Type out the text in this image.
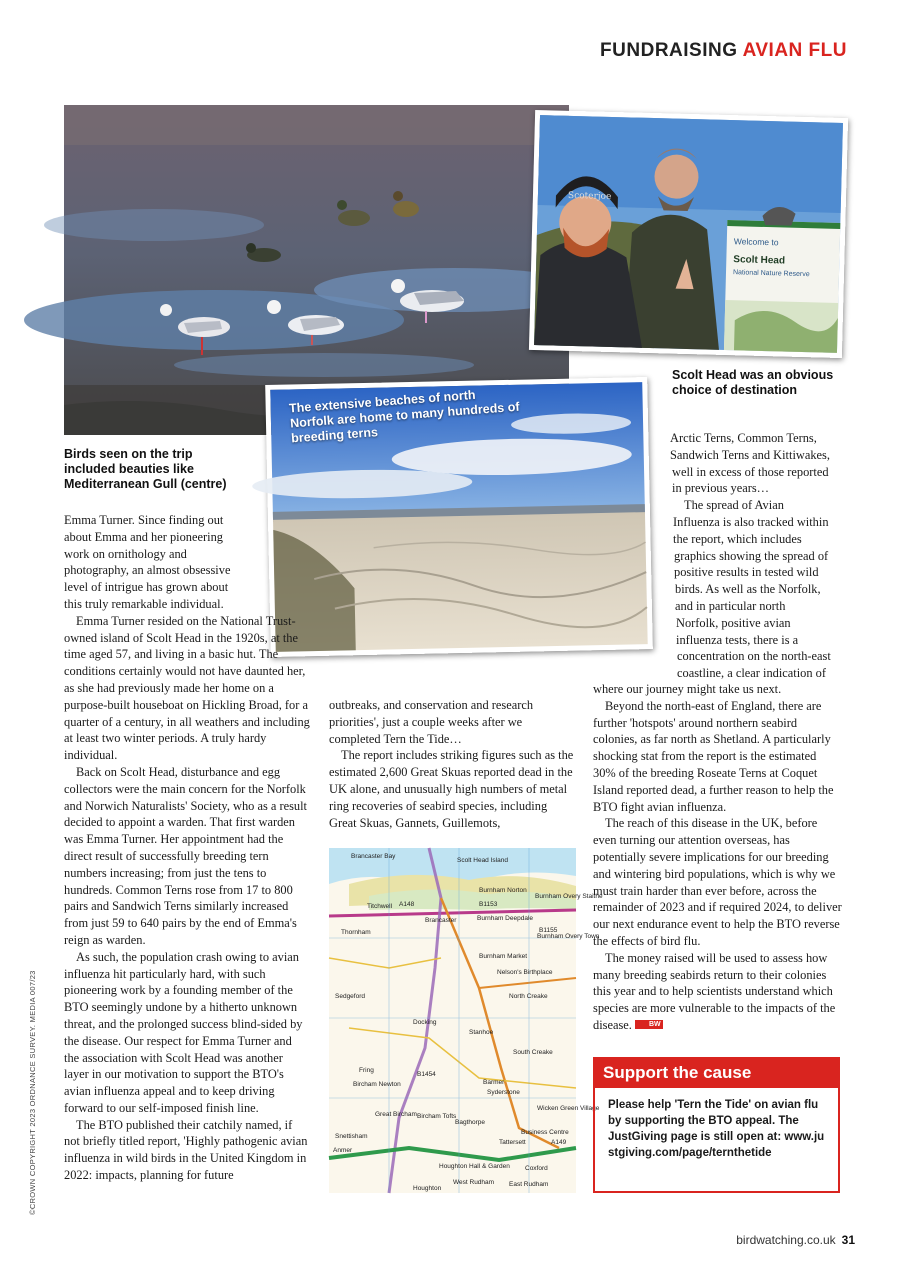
FUNDRAISING AVIAN FLU
Scoterjoe
Welcome to
Scolt Head
National Nature Reserve
Scolt Head was an obvious choice of destination
Birds seen on the trip included beauties like Mediterranean Gull (centre)
The extensive beaches of north Norfolk are home to many hundreds of breeding terns

Emma Turner. Since finding out about Emma and her pioneering work on ornithology and photography, an almost obsessive level of intrigue has grown about this truly remarkable individual.

Emma Turner resided on the National Trust-owned island of Scolt Head in the 1920s, at the time aged 57, and living in a basic hut. The conditions certainly would not have daunted her, as she had previously made her home on a purpose-built houseboat on Hickling Broad, for a quarter of a century, in all weathers and including at least two winter periods. A truly hardy individual.

Back on Scolt Head, disturbance and egg collectors were the main concern for the Norfolk and Norwich Naturalists' Society, who as a result decided to appoint a warden. That first warden was Emma Turner. Her appointment had the direct result of successfully breeding tern numbers increasing; from just the tens to hundreds. Common Terns rose from 17 to 800 pairs and Sandwich Terns similarly increased from just 59 to 640 pairs by the end of Emma's reign as warden.

As such, the population crash owing to avian influenza hit particularly hard, with such pioneering work by a founding member of the BTO seemingly undone by a hitherto unknown threat, and the prolonged success blind-sided by the disease. Our respect for Emma Turner and the association with Scolt Head was another layer in our motivation to support the BTO's avian influenza appeal and to keep driving forward to our self-imposed finish line.

The BTO published their catchily named, if not briefly titled report, 'Highly pathogenic avian influenza in wild birds in the United Kingdom in 2022: impacts, planning for future

outbreaks, and conservation and research priorities', just a couple weeks after we completed Tern the Tide…

The report includes striking figures such as the estimated 2,600 Great Skuas reported dead in the UK alone, and unusually high numbers of metal ring recoveries of seabird species, including Great Skuas, Gannets, Guillemots,

Scolt Head Island
Brancaster Bay
Burnham Norton
Burnham Overy Staithe
Brancaster
Thornham
Titchwell
Burnham Deepdale
Burnham Market
Burnham Overy Town
Nelson's Birthplace
North Creake
Stanhoe
Docking
South Creake
Fring
Bircham Newton	Barmer
Syderstone
Great Bircham Bircham Tofts
Bagthorpe
Wicken Green Village
Tattersett
Houghton Hall & Garden
West Rudham
Coxford
East Rudham
Houghton
Anmer
Sedgeford
Snettisham
B1155
B1153
A149
A148
B1454
Business Centre
Arctic Terns, Common Terns,
Sandwich Terns and Kittiwakes,
well in excess of those reported
in previous years…
The spread of Avian
Influenza is also tracked within
the report, which includes
graphics showing the spread of
positive results in tested wild
birds. As well as the Norfolk,
and in particular north
Norfolk, positive avian
influenza tests, there is a
concentration on the north-east
coastline, a clear indication of

where our journey might take us next.

Beyond the north-east of England, there are further 'hotspots' around northern seabird colonies, as far north as Shetland. A particularly shocking stat from the report is the estimated 30% of the breeding Roseate Terns at Coquet Island reported dead, a further reason to help the BTO fight avian influenza.

The reach of this disease in the UK, before even turning our attention overseas, has potentially severe implications for our breeding and wintering bird populations, which is why we must train harder than ever before, across the remainder of 2023 and if required 2024, to deliver our next endurance event to help the BTO reverse the effects of bird flu.

The money raised will be used to assess how many breeding seabirds return to their colonies this year and to help scientists understand which species are more vulnerable to the impacts of the disease. BW

Support the cause
Please help 'Tern the Tide' on avian flu by supporting the BTO appeal. The JustGiving page is still open at: www.justgiving.com/page/ternthetide
birdwatching.co.uk 31
©CROWN COPYRIGHT 2023 ORDNANCE SURVEY. MEDIA 007/23
